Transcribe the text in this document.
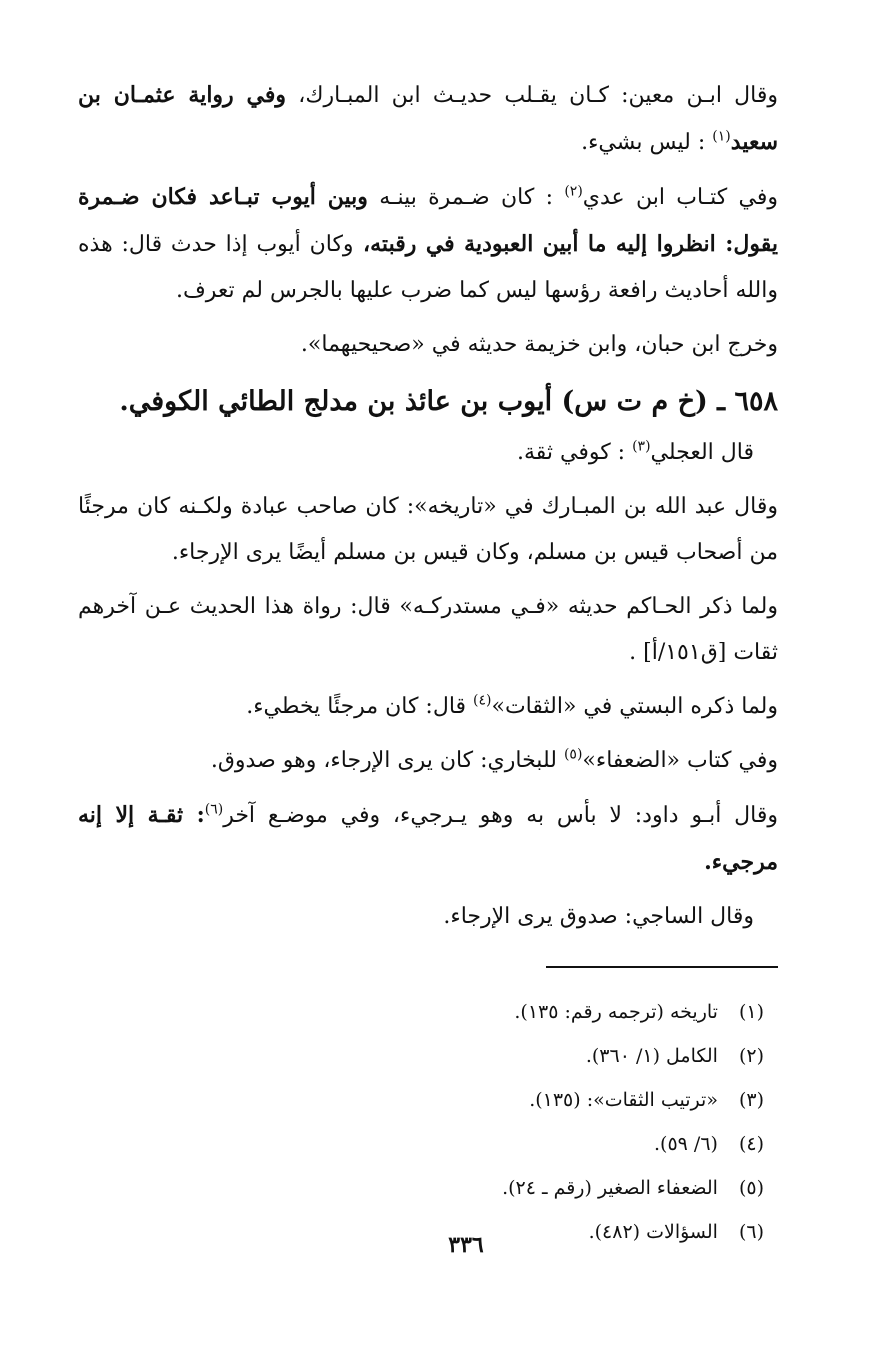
وقال ابـن معين: كـان يقـلب حديـث ابن المبـارك، وفي رواية عثمـان بن سعيد$^{(١)}$ : ليس بشيء.

وفي كتـاب ابن عدي$^{(٢)}$ : كان ضـمرة بينـه وبين أيوب تبـاعد فكان ضـمرة يقول: انظروا إليه ما أبين العبودية في رقبته، وكان أيوب إذا حدث قال: هذه والله أحاديث رافعة رؤسها ليس كما ضرب عليها بالجرس لم تعرف.

وخرج ابن حبان، وابن خزيمة حديثه في «صحيحيهما».

٦٥٨ ـ (خ م ت س) أيوب بن عائذ بن مدلج الطائي الكوفي.

قال العجلي$^{(٣)}$ : كوفي ثقة.

وقال عبد الله بن المبـارك في «تاريخه»: كان صاحب عبادة ولكـنه كان مرجئًا من أصحاب قيس بن مسلم، وكان قيس بن مسلم أيضًا يرى الإرجاء.

ولما ذكر الحـاكم حديثه «فـي مستدركـه» قال: رواة هذا الحديث عـن آخرهم ثقات [ق١٥١/أ] .

ولما ذكره البستي في «الثقات»$^{(٤)}$ قال: كان مرجئًا يخطيء.

وفي كتاب «الضعفاء»$^{(٥)}$ للبخاري: كان يرى الإرجاء، وهو صدوق.

وقال أبـو داود: لا بأس به وهو يـرجيء، وفي موضـع آخر$^{(٦)}$: ثقـة إلا إنه مرجيء.

وقال الساجي: صدوق يرى الإرجاء.

(١) تاريخه (ترجمه رقم: ١٣٥).

(٢) الكامل (١/ ٣٦٠).

(٣) «ترتيب الثقات»: (١٣٥).

(٤) (٦/ ٥٩).

(٥) الضعفاء الصغير (رقم ـ ٢٤).

(٦) السؤالات (٤٨٢).

٣٣٦
